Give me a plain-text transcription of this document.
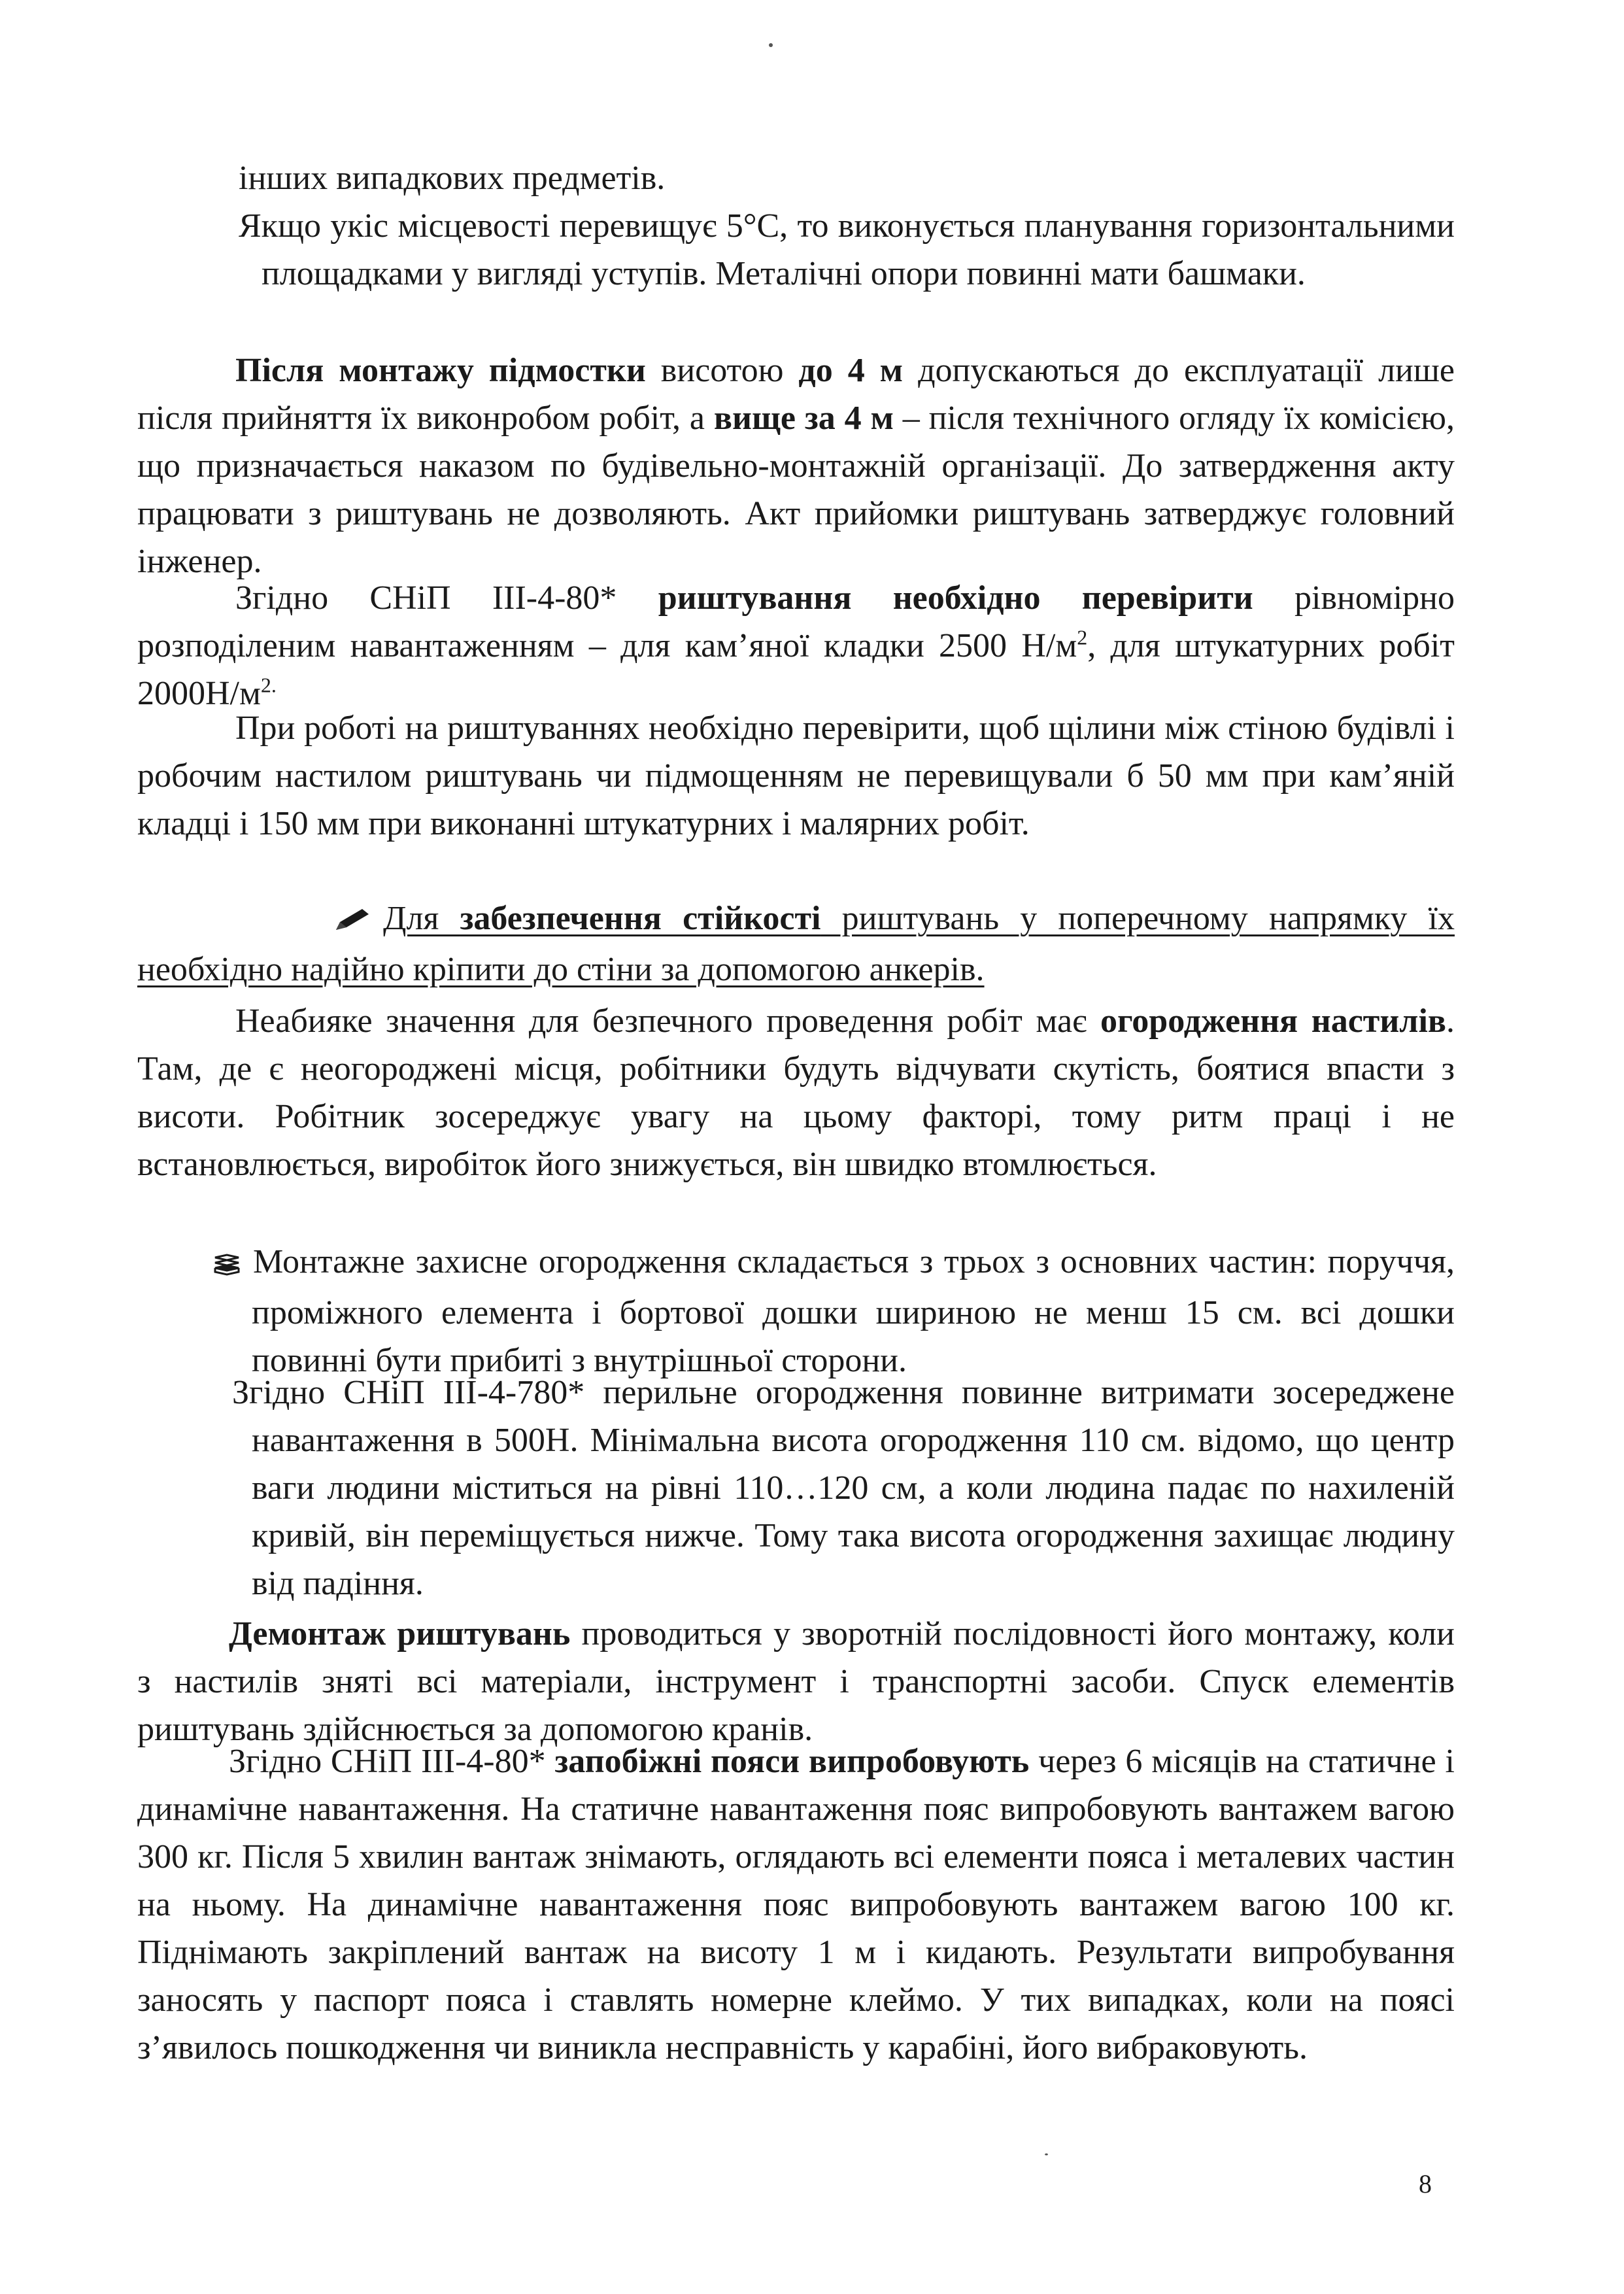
інших випадкових предметів.

Якщо укіс місцевості перевищує 5°С, то виконується планування горизонтальними площадками у вигляді уступів. Металічні опори повинні мати башмаки.

Після монтажу підмостки висотою до 4 м допускаються до експлуатації лише після прийняття їх виконробом робіт, а вище за 4 м – після технічного огляду їх комісією, що призначається наказом по будівельно-монтажній організації. До затвердження акту працювати з риштувань не дозволяють. Акт прийомки риштувань затверджує головний інженер.

Згідно СНіП ІІІ-4-80* риштування необхідно перевірити рівномірно розподіленим навантаженням – для кам’яної кладки 2500 $Н/м^2$, для штукатурних робіт $2000Н/м^{2.}$

При роботі на риштуваннях необхідно перевірити, щоб щілини між стіною будівлі і робочим настилом риштувань чи підмощенням не перевищували б 50 мм при кам’яній кладці і 150 мм при виконанні штукатурних і малярних робіт.

Для забезпечення стійкості риштувань у поперечному напрямку їх необхідно надійно кріпити до стіни за допомогою анкерів.

Неабияке значення для безпечного проведення робіт має огородження настилів. Там, де є неогороджені місця, робітники будуть відчувати скутість, боятися впасти з висоти. Робітник зосереджує увагу на цьому факторі, тому ритм праці і не встановлюється, виробіток його знижується, він швидко втомлюється.

Монтажне захисне огородження складається з трьох з основних частин: поруччя, проміжного елемента і бортової дошки шириною не менш 15 см. всі дошки повинні бути прибиті з внутрішньої сторони.

Згідно СНіП ІІІ-4-780* перильне огородження повинне витримати зосереджене навантаження в 500Н. Мінімальна висота огородження 110 см. відомо, що центр ваги людини міститься на рівні 110…120 см, а коли людина падає по нахиленій кривій, він переміщується нижче. Тому така висота огородження захищає людину від падіння.

Демонтаж риштувань проводиться у зворотній послідовності його монтажу, коли з настилів зняті всі матеріали, інструмент і транспортні засоби. Спуск елементів риштувань здійснюється за допомогою кранів.

Згідно СНіП ІІІ-4-80* запобіжні пояси випробовують через 6 місяців на статичне і динамічне навантаження. На статичне навантаження пояс випробовують вантажем вагою 300 кг. Після 5 хвилин вантаж знімають, оглядають всі елементи пояса і металевих частин на ньому. На динамічне навантаження пояс випробовують вантажем вагою 100 кг. Піднімають закріплений вантаж на висоту 1 м і кидають. Результати випробування заносять у паспорт пояса і ставлять номерне клеймо. У тих випадках, коли на поясі з’явилось пошкодження чи виникла несправність у карабіні, його вибраковують.

8
